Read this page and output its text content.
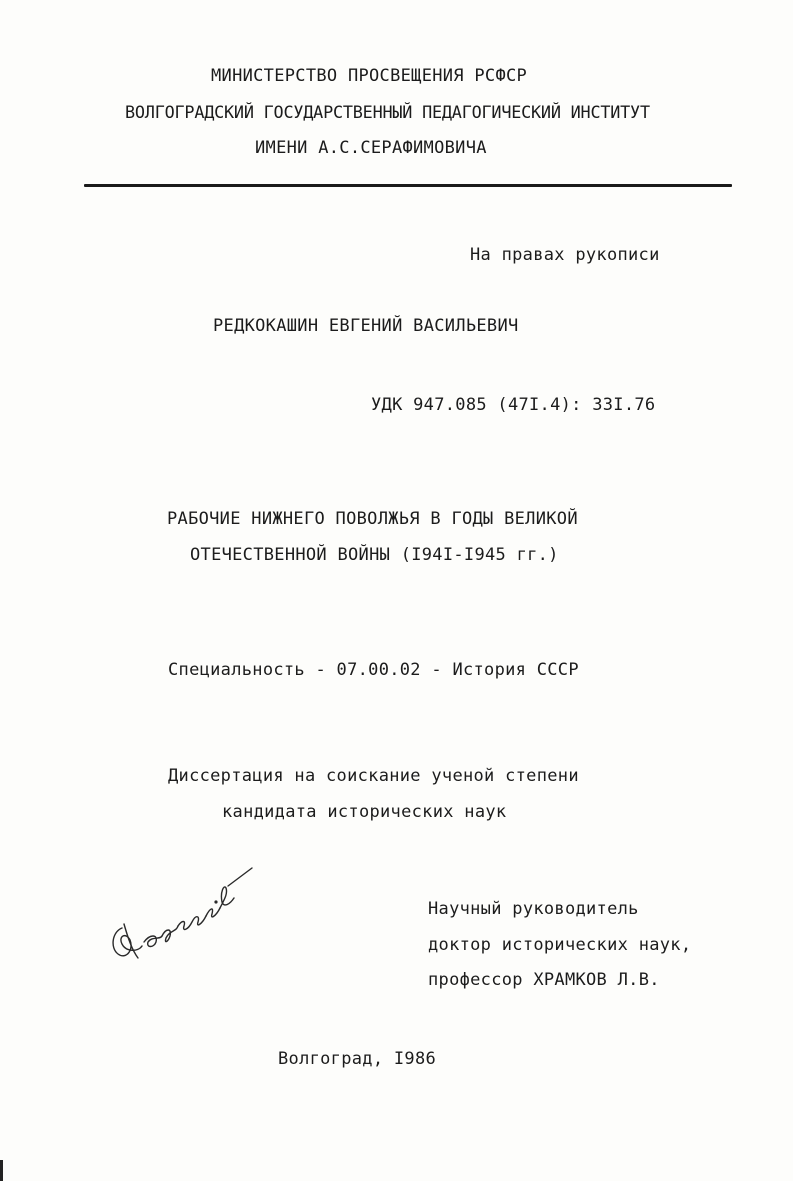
МИНИСТЕРСТВО ПРОСВЕЩЕНИЯ РСФСР
ВОЛГОГРАДСКИЙ ГОСУДАРСТВЕННЫЙ ПЕДАГОГИЧЕСКИЙ ИНСТИТУТ
ИМЕНИ А.С.СЕРАФИМОВИЧА
На правах рукописи
РЕДКОКАШИН ЕВГЕНИЙ ВАСИЛЬЕВИЧ
УДК 947.085 (47I.4): 33I.76
РАБОЧИЕ НИЖНЕГО ПОВОЛЖЬЯ В ГОДЫ ВЕЛИКОЙ
ОТЕЧЕСТВЕННОЙ ВОЙНЫ (I94I-I945 гг.)
Специальность - 07.00.02 - История СССР
Диссертация на соискание ученой степени
кандидата исторических наук
Научный руководитель
доктор исторических наук,
профессор ХРАМКОВ Л.В.
Волгоград, I986
